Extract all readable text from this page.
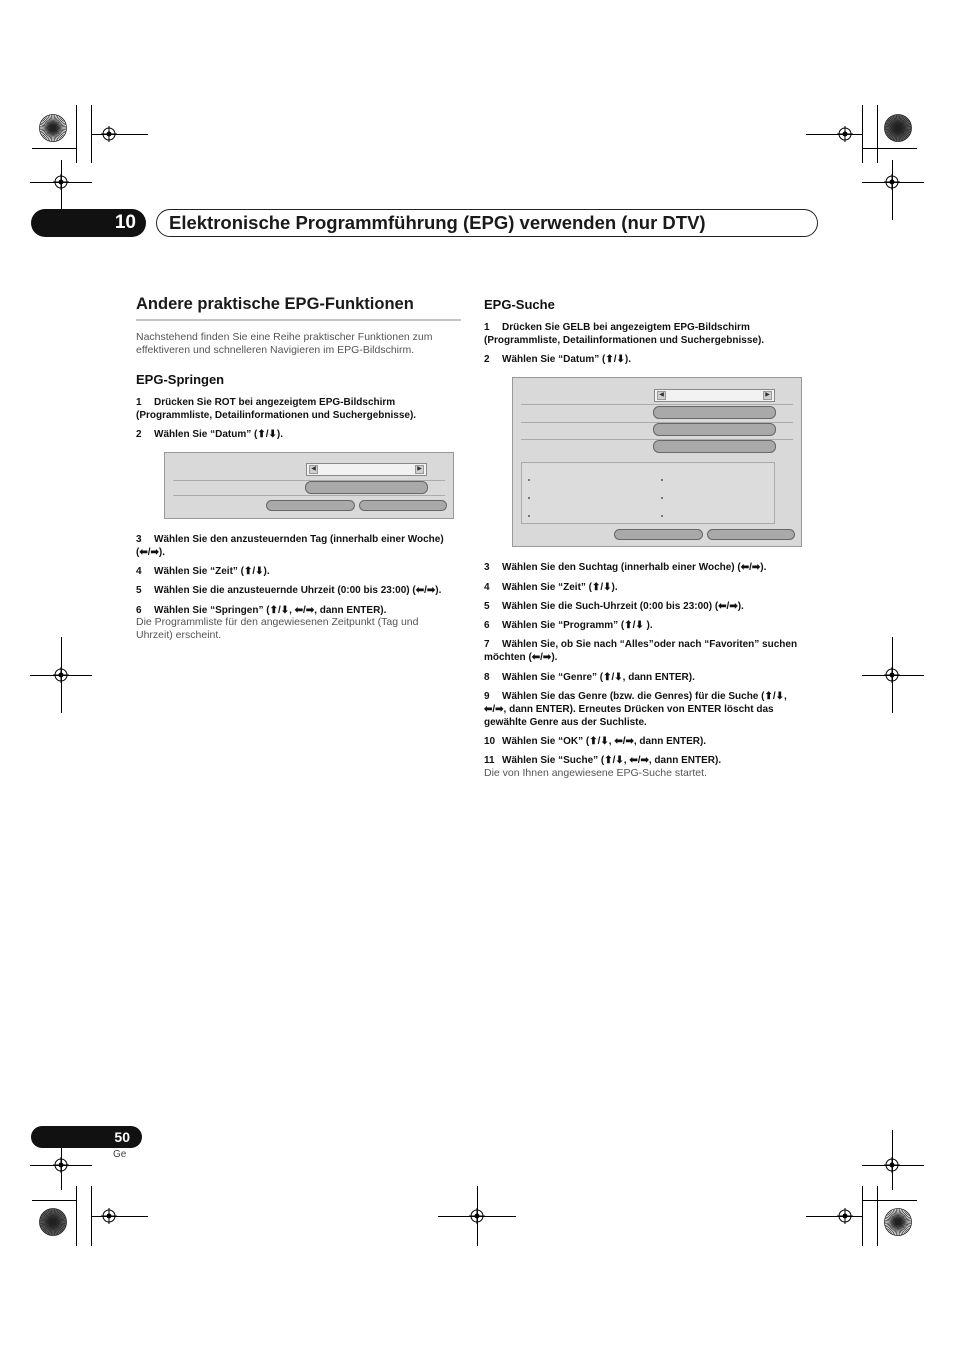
10 Elektronische Programmführung (EPG) verwenden (nur DTV)
Andere praktische EPG-Funktionen
Nachstehend finden Sie eine Reihe praktischer Funktionen zum
effektiveren und schnelleren Navigieren im EPG-Bildschirm.
EPG-Springen
1 Drücken Sie ROT bei angezeigtem EPG-Bildschirm
(Programmliste, Detailinformationen und Suchergebnisse).
2 Wählen Sie “Datum” (⬆/⬇).
◀	▶
3 Wählen Sie den anzusteuernden Tag (innerhalb einer Woche)
(⬅/➡).
4 Wählen Sie “Zeit” (⬆/⬇).
5 Wählen Sie die anzusteuernde Uhrzeit (0:00 bis 23:00) (⬅/➡).
6 Wählen Sie “Springen” (⬆/⬇, ⬅/➡, dann ENTER).
Die Programmliste für den angewiesenen Zeitpunkt (Tag und
Uhrzeit) erscheint.
EPG-Suche
1 Drücken Sie GELB bei angezeigtem EPG-Bildschirm
(Programmliste, Detailinformationen und Suchergebnisse).
2 Wählen Sie “Datum” (⬆/⬇).
◀	▶
3 Wählen Sie den Suchtag (innerhalb einer Woche) (⬅/➡).
4 Wählen Sie “Zeit” (⬆/⬇).
5 Wählen Sie die Such-Uhrzeit (0:00 bis 23:00) (⬅/➡).
6 Wählen Sie “Programm” (⬆/⬇ ).
7 Wählen Sie, ob Sie nach “Alles”oder nach “Favoriten” suchen
möchten (⬅/➡).
8 Wählen Sie “Genre” (⬆/⬇, dann ENTER).
9 Wählen Sie das Genre (bzw. die Genres) für die Suche (⬆/⬇,
⬅/➡, dann ENTER). Erneutes Drücken von ENTER löscht das
gewählte Genre aus der Suchliste.
10 Wählen Sie “OK” (⬆/⬇, ⬅/➡, dann ENTER).
11 Wählen Sie “Suche” (⬆/⬇, ⬅/➡, dann ENTER).
Die von Ihnen angewiesene EPG-Suche startet.
50
Ge
